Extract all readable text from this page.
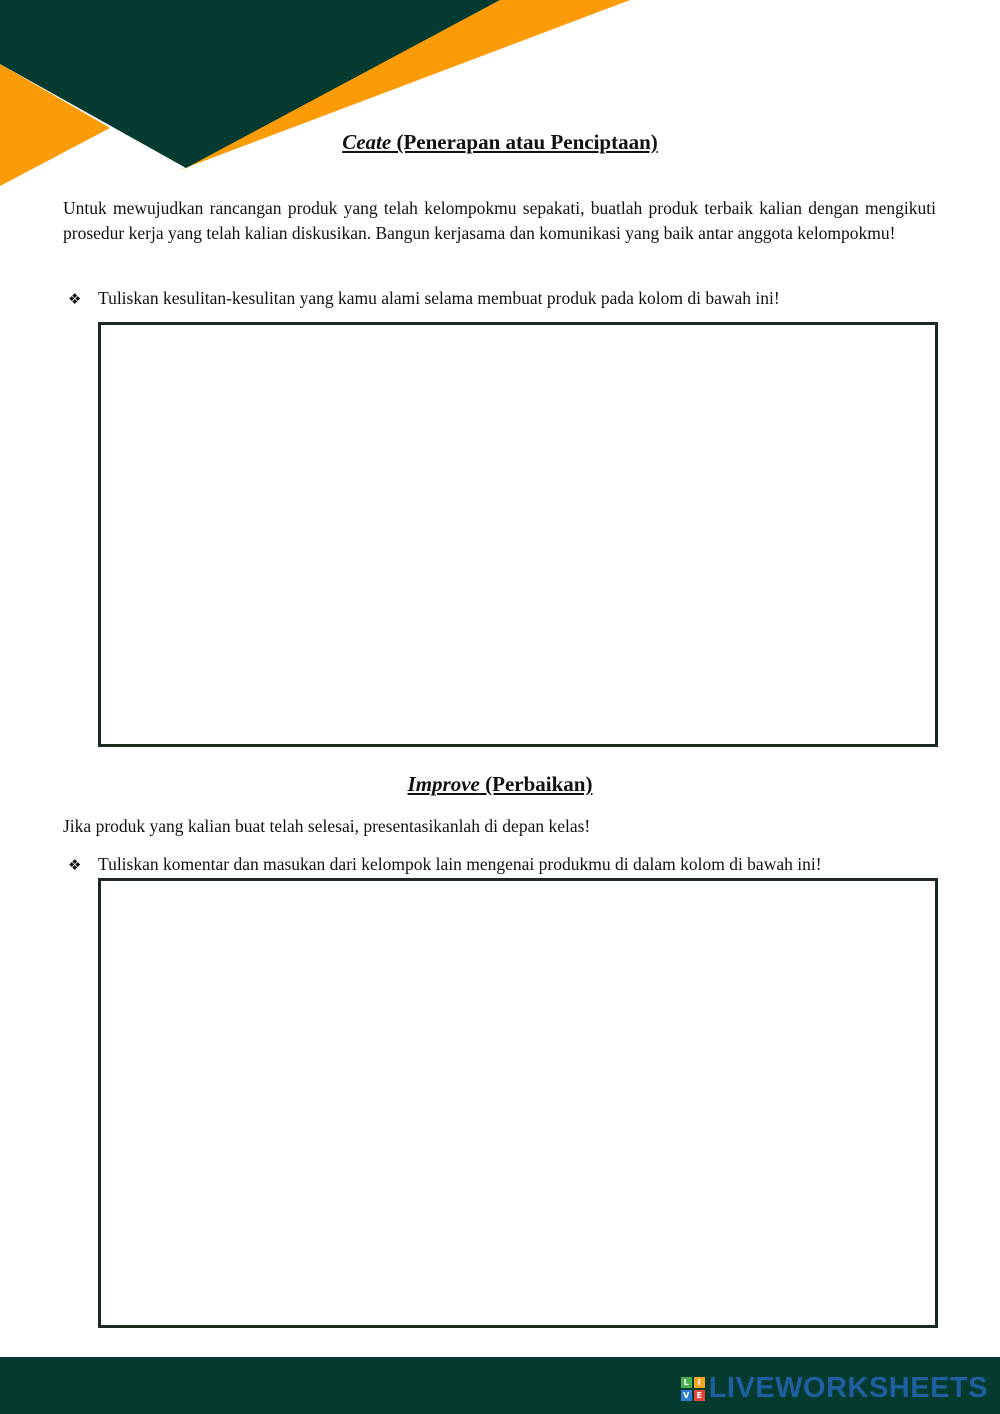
Ceate (Penerapan atau Penciptaan)
Untuk mewujudkan rancangan produk yang telah kelompokmu sepakati, buatlah produk terbaik kalian dengan mengikuti prosedur kerja yang telah kalian diskusikan. Bangun kerjasama dan komunikasi yang baik antar anggota kelompokmu!
❖ Tuliskan kesulitan-kesulitan yang kamu alami selama membuat produk pada kolom di bawah ini!
Improve (Perbaikan)
Jika produk yang kalian buat telah selesai, presentasikanlah di depan kelas!
❖ Tuliskan komentar dan masukan dari kelompok lain mengenai produkmu di dalam kolom di bawah ini!
L	I
V E LIVEWORKSHEETS
